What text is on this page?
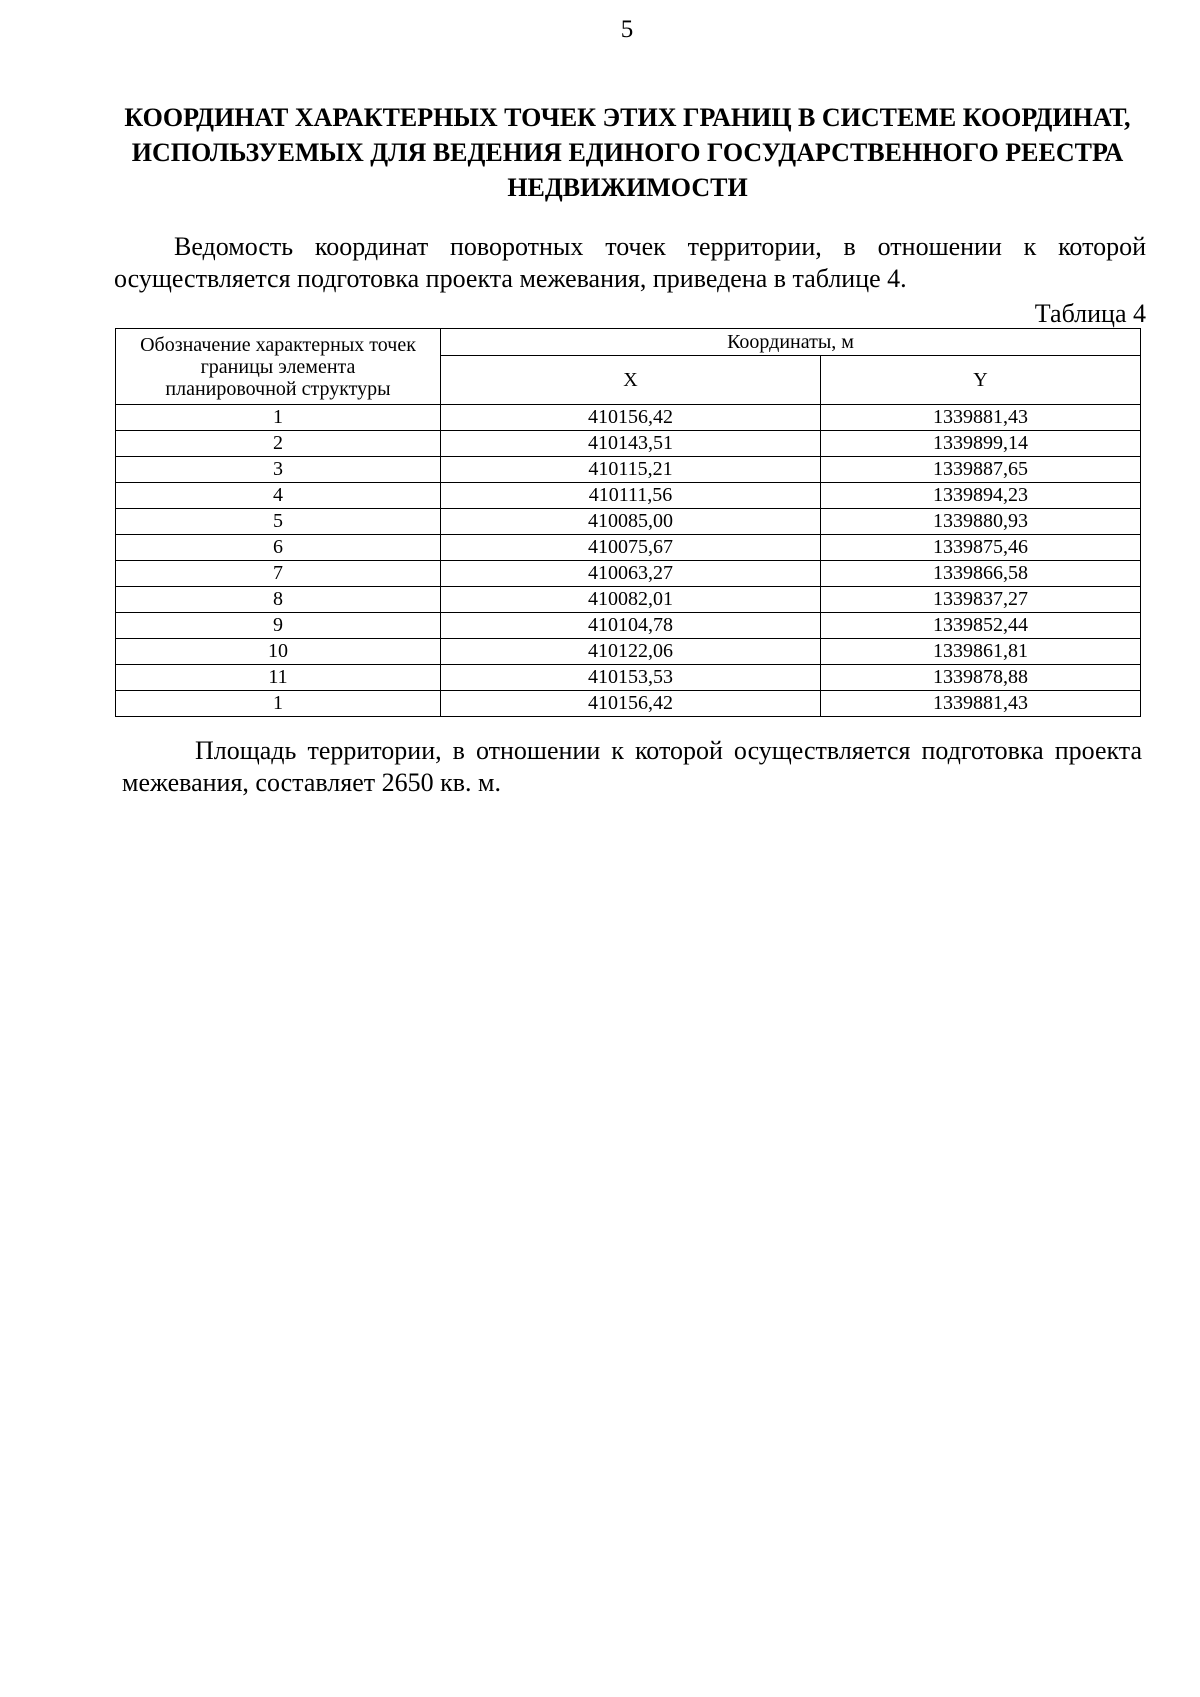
5
КООРДИНАТ ХАРАКТЕРНЫХ ТОЧЕК ЭТИХ ГРАНИЦ В СИСТЕМЕ КООРДИНАТ, ИСПОЛЬЗУЕМЫХ ДЛЯ ВЕДЕНИЯ ЕДИНОГО ГОСУДАРСТВЕННОГО РЕЕСТРА НЕДВИЖИМОСТИ

Ведомость координат поворотных точек территории, в отношении к которой осуществляется подготовка проекта межевания, приведена в таблице 4.

Таблица 4
Обозначение характерных точек границы элемента планировочной структуры	Координаты, м	
	X	Y
1	410156,42	1339881,43
2	410143,51	1339899,14
3	410115,21	1339887,65
4	410111,56	1339894,23
5	410085,00	1339880,93
6	410075,67	1339875,46
7	410063,27	1339866,58
8	410082,01	1339837,27
9	410104,78	1339852,44
10	410122,06	1339861,81
11	410153,53	1339878,88
1	410156,42	1339881,43

Площадь территории, в отношении к которой осуществляется подготовка проекта межевания, составляет 2650 кв. м.
